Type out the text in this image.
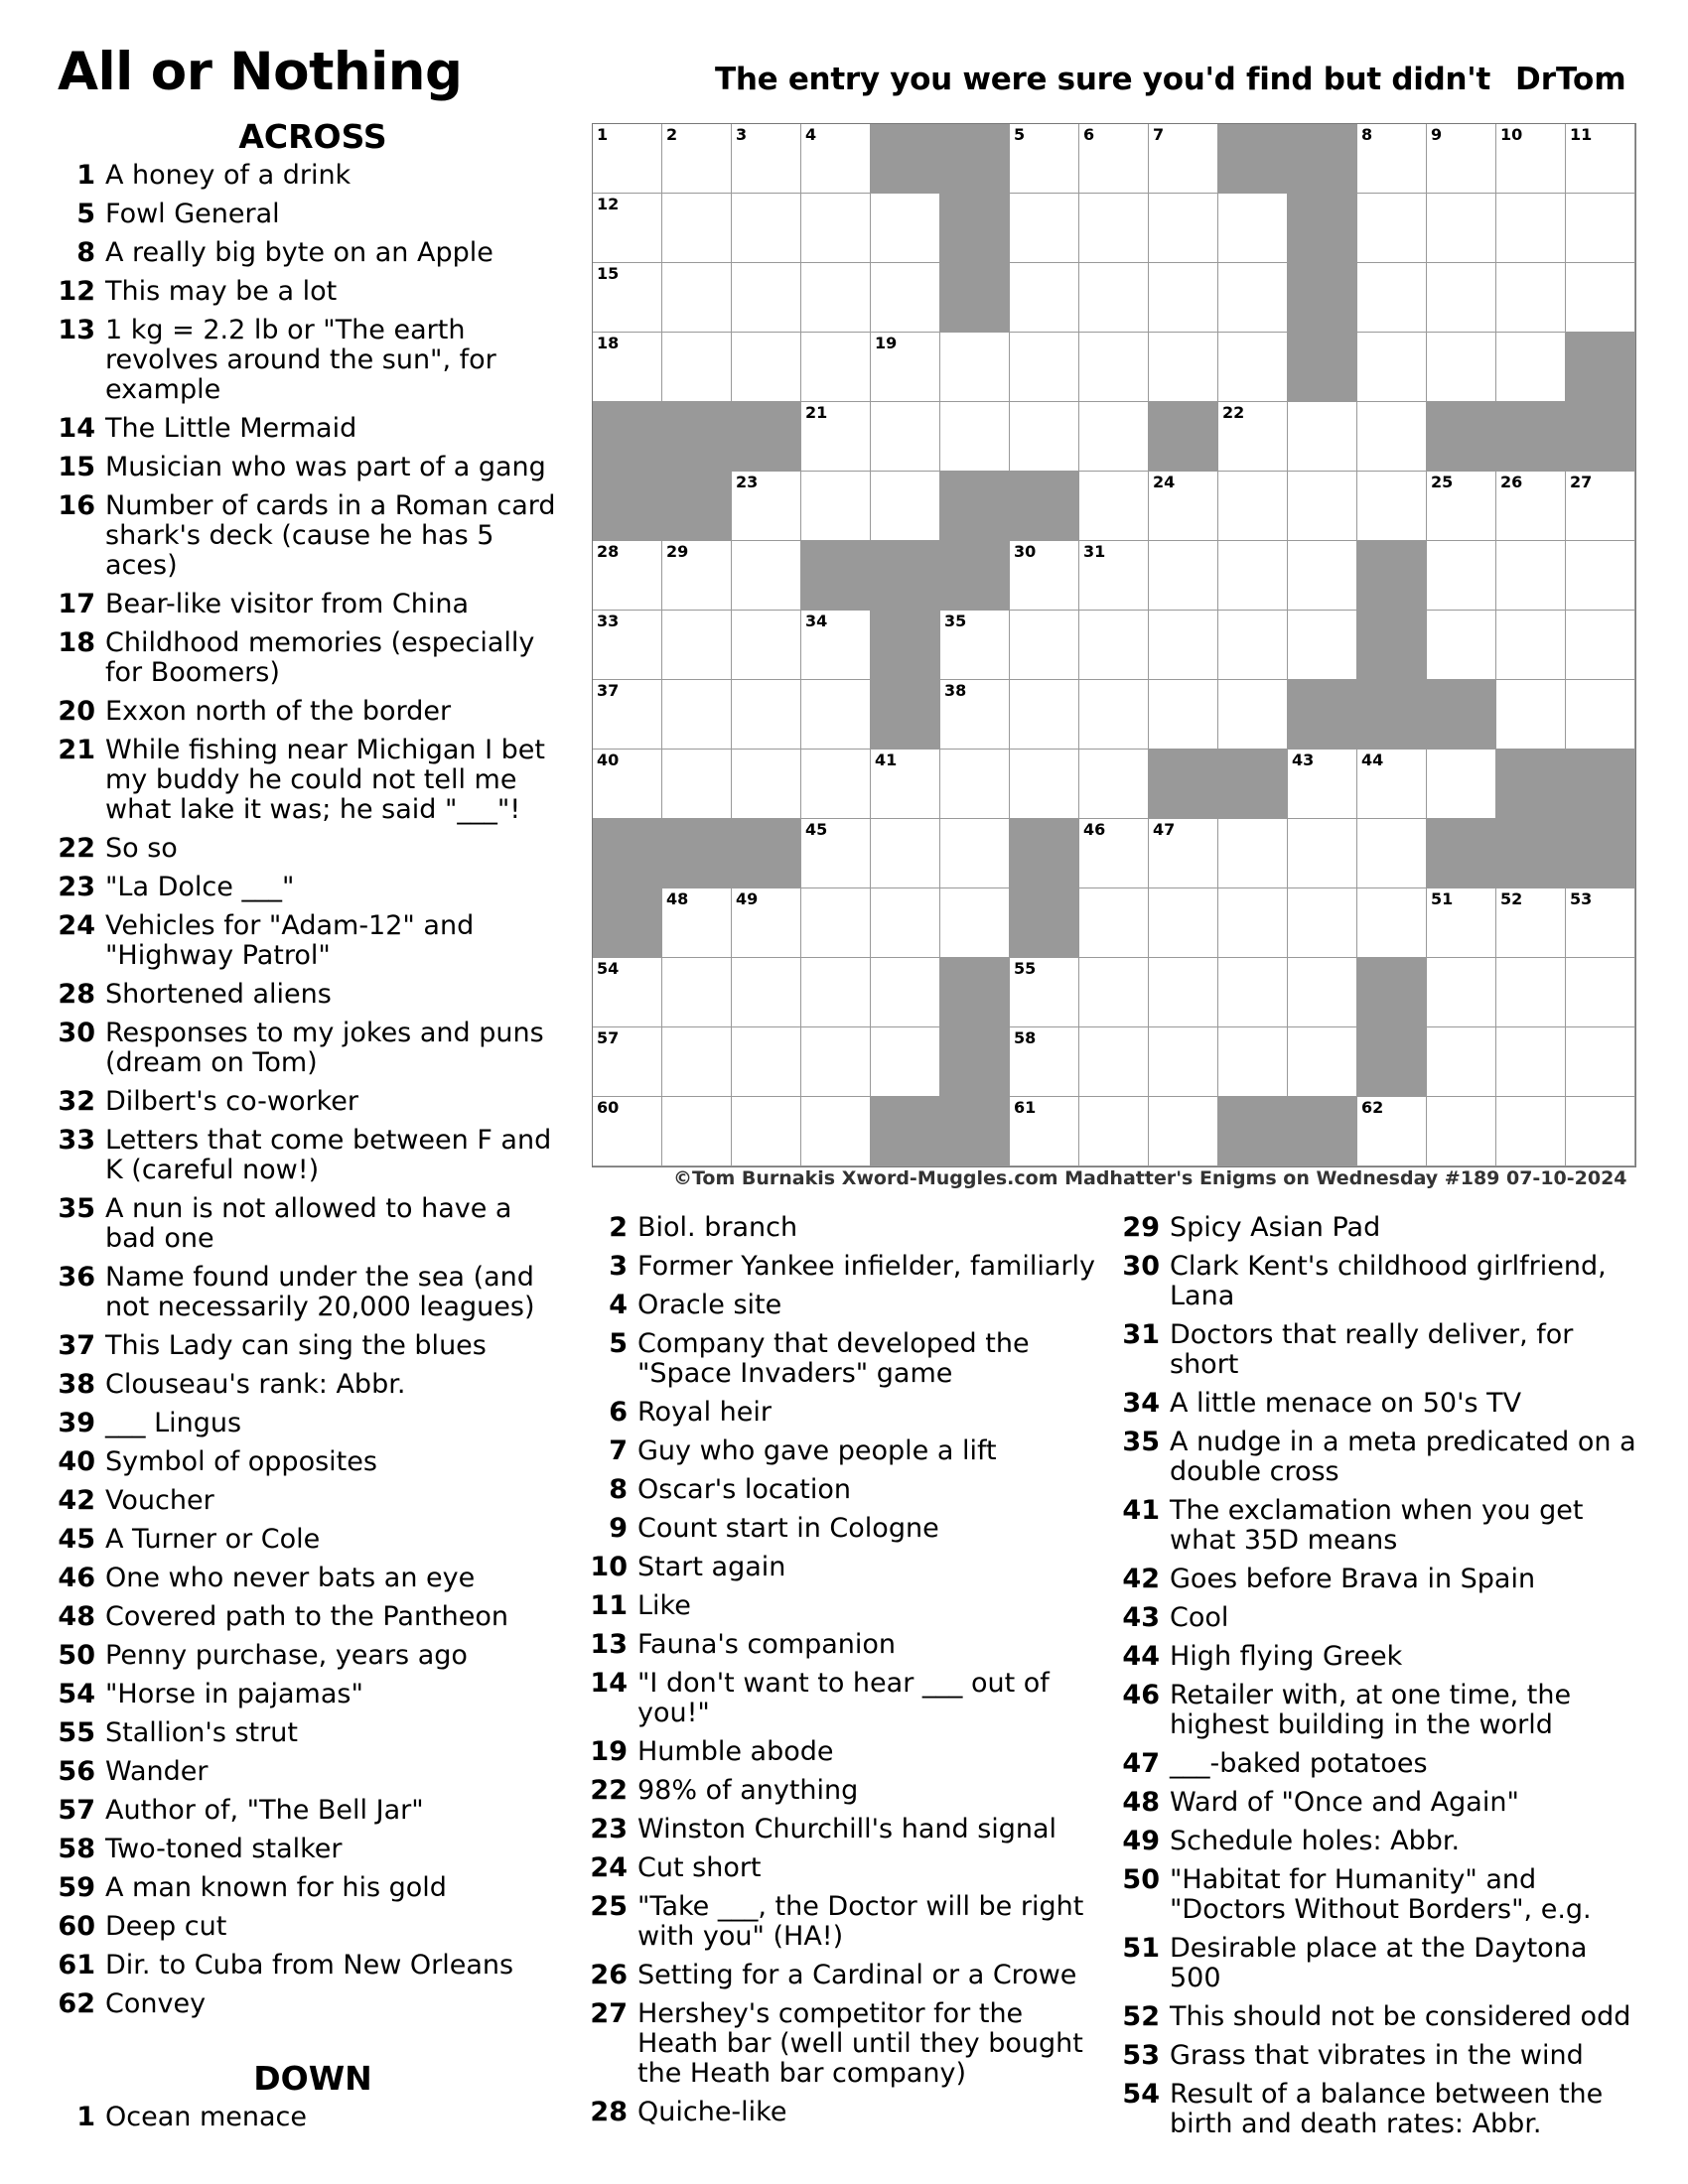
All or Nothing	The entry you were sure you'd find but didn't DrTom
ACROSS
1 A honey of a drink
5 Fowl General
8 A really big byte on an Apple
12 This may be a lot
13 1 kg = 2.2 lb or "The earth revolves around the sun", for example
14 The Little Mermaid
15 Musician who was part of a gang
16 Number of cards in a Roman card shark's deck (cause he has 5 aces)
17 Bear-like visitor from China
18 Childhood memories (especially for Boomers)
20 Exxon north of the border
21 While fishing near Michigan I bet my buddy he could not tell me what lake it was; he said "___"!
22 So so
23 "La Dolce ___"
24 Vehicles for "Adam-12" and "Highway Patrol"
28 Shortened aliens
30 Responses to my jokes and puns (dream on Tom)
32 Dilbert's co-worker
33 Letters that come between F and K (careful now!)
35 A nun is not allowed to have a bad one
36 Name found under the sea (and not necessarily 20,000 leagues)
37 This Lady can sing the blues
38 Clouseau's rank: Abbr.
39 ___ Lingus
40 Symbol of opposites
42 Voucher
45 A Turner or Cole
46 One who never bats an eye
48 Covered path to the Pantheon
50 Penny purchase, years ago
54 "Horse in pajamas"
55 Stallion's strut
56 Wander
57 Author of, "The Bell Jar"
58 Two-toned stalker
59 A man known for his gold
60 Deep cut
61 Dir. to Cuba from New Orleans
62 Convey
DOWN
1 Ocean menace
1	2	3	4	5	6	7	8	9	10	11
12
15
18	19
21	22
23	24	25	26	27
28	29	30	31
33	34	35
37	38
40	41	43	44
45	46	47
48	49	51	52	53
54	55
57	58
60	61	62
©Tom Burnakis Xword-Muggles.com Madhatter's Enigms on Wednesday #189 07-10-2024
2 Biol. branch
3 Former Yankee infielder, familiarly
4 Oracle site
5 Company that developed the "Space Invaders" game
6 Royal heir
7 Guy who gave people a lift
8 Oscar's location
9 Count start in Cologne
10 Start again
11 Like
13 Fauna's companion
14 "I don't want to hear ___ out of you!"
19 Humble abode
22 98% of anything
23 Winston Churchill's hand signal
24 Cut short
25 "Take ___, the Doctor will be right with you" (HA!)
26 Setting for a Cardinal or a Crowe
27 Hershey's competitor for the Heath bar (well until they bought the Heath bar company)
28 Quiche-like
29 Spicy Asian Pad
30 Clark Kent's childhood girlfriend, Lana
31 Doctors that really deliver, for short
34 A little menace on 50's TV
35 A nudge in a meta predicated on a double cross
41 The exclamation when you get what 35D means
42 Goes before Brava in Spain
43 Cool
44 High flying Greek
46 Retailer with, at one time, the highest building in the world
47 ___-baked potatoes
48 Ward of "Once and Again"
49 Schedule holes: Abbr.
50 "Habitat for Humanity" and "Doctors Without Borders", e.g.
51 Desirable place at the Daytona 500
52 This should not be considered odd
53 Grass that vibrates in the wind
54 Result of a balance between the birth and death rates: Abbr.
